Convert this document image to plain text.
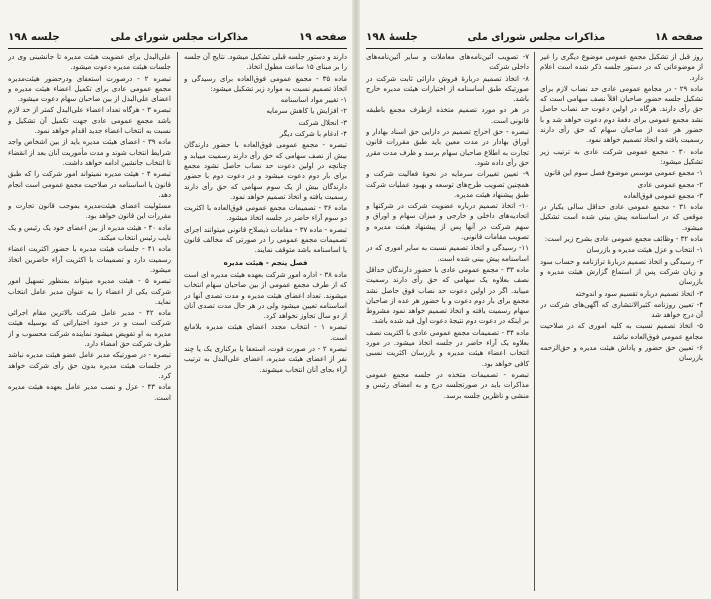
صفحه ۱۸
مذاکرات مجلس شورای ملی
جلسهٔ ۱۹۸

روز قبل از تشکیل مجمع عمومی موضوع دیگری را غیر از موضوعاتی که در دستور جلسه ذکر شده است اعلام دارد.

ماده ۲۹ - در مجامع عمومی عادی حد نصاب لازم برای تشکیل جلسه حضور صاحبان اقلاً نصف سهامی است که حق رأی دارند. هرگاه در اولین دعوت حد نصاب حاصل نشد مجمع عمومی برای دفعهٔ دوم دعوت خواهد شد و با حضور هر عده از صاحبان سهام که حق رأی دارند رسمیت یافته و اتخاذ تصمیم خواهد نمود.

ماده ۳۰ - مجمع عمومی شرکت عادی به ترتیب زیر تشکیل میشود:

۱- مجمع عمومی موسس موضوع فصل سوم این قانون

۲- مجمع عمومی عادی

۳- مجمع عمومی فوق‌العاده

ماده ۳۱ - مجمع عمومی عادی حداقل سالی یکبار در موقعی که در اساسنامه پیش بینی شده است تشکیل میشود.

ماده ۳۲ - وظائف مجمع عمومی عادی بشرح زیر است:

۱- انتخاب و عزل هیئت مدیره و بازرسان

۲- رسیدگی و اتخاذ تصمیم دربارهٔ ترازنامه و حساب سود و زیان شرکت پس از استماع گزارش هیئت مدیره و بازرسان

۳- اتخاذ تصمیم درباره تقسیم سود و اندوخته

۴- تعیین روزنامه کثیرالانتشاری که آگهی‌های شرکت در آن درج خواهد شد

۵- اتخاذ تصمیم نسبت به کلیه اموری که در صلاحیت مجامع عمومی فوق‌العاده نباشد

۶- تعیین حق حضور و پاداش هیئت مدیره و حق‌الزحمه بازرسان

۷- تصویب آئین‌نامه‌های معاملات و سایر آئین‌نامه‌های داخلی شرکت

۸- اتخاذ تصمیم دربارهٔ فروش دارائی ثابت شرکت در صورتیکه طبق اساسنامه از اختیارات هیئت مدیره خارج باشد.

در هر دو مورد تصمیم متخذه ازطرف مجمع باطبقه قانونی است.

تبصره - حق اخراج تصمیم در دارایی حق اسناد بهادار و اوراق بهادار در مدت معین باید طبق مقررات قانون تجارت به اطلاع صاحبان سهام برسد و ظرف مدت مقرر حق رأی داده شود.

۹- تعیین تغییرات سرمایه در نحوهٔ فعالیت شرکت و همچنین تصویب طرح‌های توسعه و بهبود عملیات شرکت طبق پیشنهاد هیئت مدیره.

۱۰- اتخاذ تصمیم درباره عضویت شرکت در شرکتها و اتحادیه‌های داخلی و خارجی و میزان سهام و اوراق و سهم شرکت در آنها پس از پیشنهاد هیئت مدیره و تصویب مقامات قانونی.

۱۱- رسیدگی و اتخاذ تصمیم نسبت به سایر اموری که در اساسنامه پیش بینی شده است.

ماده ۳۳ - مجمع عمومی عادی با حضور دارندگان حداقل نصف بعلاوه یک سهامی که حق رأی دارند رسمیت مییابد. اگر در اولین دعوت حد نصاب فوق حاصل نشد مجمع برای بار دوم دعوت و با حضور هر عده از صاحبان سهام رسمیت یافته و اتخاذ تصمیم خواهد نمود مشروط بر اینکه در دعوت دوم نتیجهٔ دعوت اول قید شده باشد.

ماده ۳۴ - تصمیمات مجمع عمومی عادی با اکثریت نصف بعلاوه یک آراء حاضر در جلسه اتخاذ میشود. در مورد انتخاب اعضاء هیئت مدیره و بازرسان اکثریت نسبی کافی خواهد بود.

تبصره - تصمیمات متخذه در جلسه مجمع عمومی مذاکرات باید در صورتجلسه درج و به امضای رئیس و منشی و ناظرین جلسه برسد.

صفحه ۱۹
مذاکرات مجلس شورای ملی
جلسه ۱۹۸

دارند و دستور جلسه قبلی تشکیل میشود. نتایج آن جلسه را بر مبنای ۱۵ ساعت مطول اتخاذ.

ماده ۳۵ - مجمع عمومی فوق‌العاده برای رسیدگی و اتخاذ تصمیم نسبت به موارد زیر تشکیل میشود:

۱- تغییر مواد اساسنامه

۲- افزایش یا کاهش سرمایه

۳- انحلال شرکت

۴- ادغام با شرکت دیگر

تبصره - مجمع عمومی فوق‌العاده با حضور دارندگان بیش از نصف سهامی که حق رأی دارند رسمیت مییابد و چنانچه در اولین دعوت حد نصاب حاصل نشود مجمع برای بار دوم دعوت میشود و در دعوت دوم با حضور دارندگان بیش از یک سوم سهامی که حق رأی دارند رسمیت یافته و اتخاذ تصمیم خواهد نمود.

ماده ۳۶ - تصمیمات مجمع عمومی فوق‌العاده با اکثریت دو سوم آراء حاضر در جلسه اتخاذ میشود.

تبصره - ماده ۳۷ - مقامات ذیصلاح قانونی میتوانند اجرای تصمیمات مجمع عمومی را در صورتی که مخالف قانون یا اساسنامه باشد متوقف نمایند.

فصل پنجم - هیئت مدیره

ماده ۳۸ - اداره امور شرکت بعهده هیئت مدیره ای است که از طرف مجمع عمومی از بین صاحبان سهام انتخاب میشوند. تعداد اعضای هیئت مدیره و مدت تصدی آنها در اساسنامه تعیین میشود ولی در هر حال مدت تصدی آنان از دو سال تجاوز نخواهد کرد.

تبصره ۱ - انتخاب مجدد اعضای هیئت مدیره بلامانع است.

تبصره ۲ - در صورت فوت، استعفا یا برکناری یک یا چند نفر از اعضای هیئت مدیره، اعضای علی‌البدل به ترتیب آراء بجای آنان انتخاب میشوند.

علی‌البدل برای عضویت هیئت مدیره تا جانشینی وی در جلسات هیئت مدیره دعوت میشود.

تبصره ۲ - درصورت استعفای ودرحضور هیئت‌مدیره مجمع عمومی عادی برای تکمیل اعضاء هیئت مدیره و اعضای علی‌البدل از بین صاحبان سهام دعوت میشود.

تبصره ۳ - هرگاه تعداد اعضاء علی‌البدل کمتر از حد لازم باشد مجمع عمومی عادی جهت تکمیل آن تشکیل و نسبت به انتخاب اعضاء جدید اقدام خواهد نمود.

ماده ۳۹ - اعضای هیئت مدیره باید از بین اشخاص واجد شرایط انتخاب شوند و مدت مأموریت آنان بعد از انقضاء تا انتخاب جانشین ادامه خواهد داشت.

تبصره ۴ - هیئت مدیره نمیتواند امور شرکت را که طبق قانون یا اساسنامه در صلاحیت مجمع عمومی است انجام دهد.

مسئولیت اعضای هیئت‌مدیره بموجب قانون تجارت و مقررات این قانون خواهد بود.

ماده ۴۰ - هیئت مدیره از بین اعضای خود یک رئیس و یک نایب رئیس انتخاب میکند.

ماده ۴۱ - جلسات هیئت مدیره با حضور اکثریت اعضاء رسمیت دارد و تصمیمات با اکثریت آراء حاضرین اتخاذ میشود.

تبصره ۵ - هیئت مدیره میتواند بمنظور تسهیل امور شرکت یکی از اعضاء را به عنوان مدیر عامل انتخاب نماید.

ماده ۴۲ - مدیر عامل شرکت بالاترین مقام اجرائی شرکت است و در حدود اختیاراتی که بوسیله هیئت مدیره به او تفویض میشود نماینده شرکت محسوب و از طرف شرکت حق امضاء دارد.

تبصره - در صورتیکه مدیر عامل عضو هیئت مدیره نباشد در جلسات هیئت مدیره بدون حق رأی شرکت خواهد کرد.

ماده ۴۳ - عزل و نصب مدیر عامل بعهده هیئت مدیره است.
